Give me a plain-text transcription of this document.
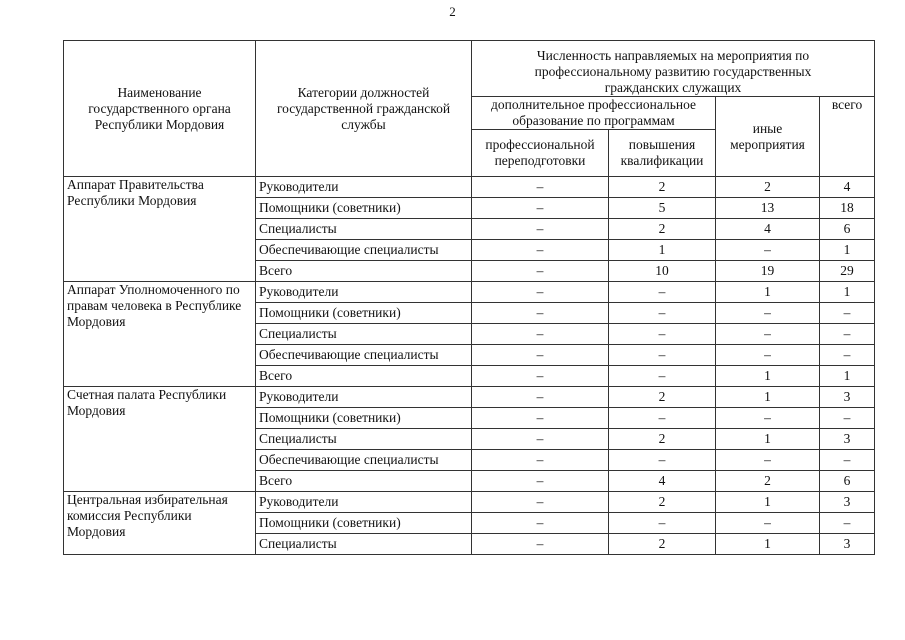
2
Наименование государственного органа Республики Мордовия	Категории должностей государственной гражданской службы	Численность направляемых на мероприятия по профессиональному развитию государственных гражданских служащих			
		дополнительное профессиональное образование по программам		иные мероприятия	всего
		профессиональной переподготовки	повышения квалификации		
Аппарат Правительства Республики Мордовия	Руководители	–	2	2	4
	Помощники (советники)	–	5	13	18
	Специалисты	–	2	4	6
	Обеспечивающие специалисты	–	1	–	1
	Всего	–	10	19	29
Аппарат Уполномоченного по правам человека в Республике Мордовия	Руководители	–	–	1	1
	Помощники (советники)	–	–	–	–
	Специалисты	–	–	–	–
	Обеспечивающие специалисты	–	–	–	–
	Всего	–	–	1	1
Счетная палата Республики Мордовия	Руководители	–	2	1	3
	Помощники (советники)	–	–	–	–
	Специалисты	–	2	1	3
	Обеспечивающие специалисты	–	–	–	–
	Всего	–	4	2	6
Центральная избирательная комиссия Республики Мордовия	Руководители	–	2	1	3
	Помощники (советники)	–	–	–	–
	Специалисты	–	2	1	3
